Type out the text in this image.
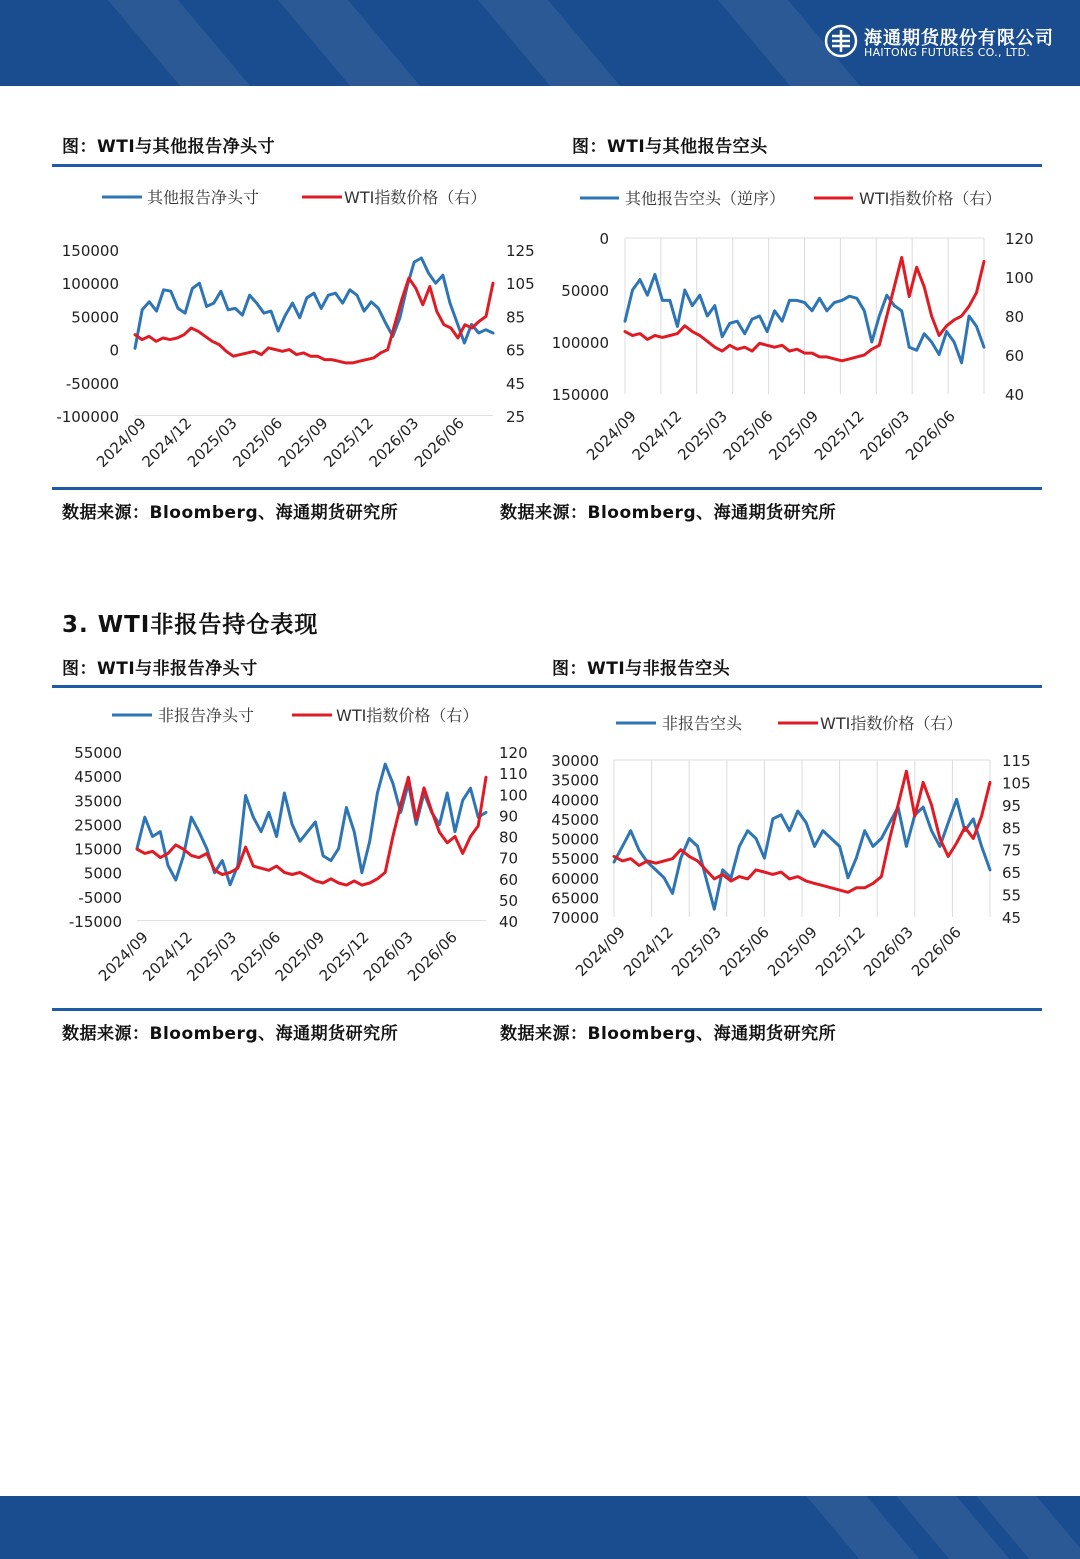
海通期货股份有限公司
HAITONG FUTURES CO., LTD.
图：WTI与其他报告净头寸	图：WTI与其他报告空头
150000
100000
50000
0
-50000
-100000
125
105
85
65
45
25
2024/09
2024/12
2025/03
2025/06
2025/09
2025/12
2026/03
2026/06
其他报告净头寸	WTI指数价格（右）
0
50000
100000
150000
120
100
80
60
40
2024/09
2024/12
2025/03
2025/06
2025/09
2025/12
2026/03
2026/06
其他报告空头（逆序）	WTI指数价格（右）
数据来源：Bloomberg、海通期货研究所	数据来源：Bloomberg、海通期货研究所
3. WTI非报告持仓表现
图：WTI与非报告净头寸	图：WTI与非报告空头
55000
45000
35000
25000
15000
5000
-5000
-15000
120
110
100
90
80
70
60
50
40
2024/09
2024/12
2025/03
2025/06
2025/09
2025/12
2026/03
2026/06
非报告净头寸	WTI指数价格（右）
30000
35000
40000
45000
50000
55000
60000
65000
70000
115
105
95
85
75
65
55
45
2024/09
2024/12
2025/03
2025/06
2025/09
2025/12
2026/03
2026/06
非报告空头	WTI指数价格（右）
数据来源：Bloomberg、海通期货研究所	数据来源：Bloomberg、海通期货研究所
